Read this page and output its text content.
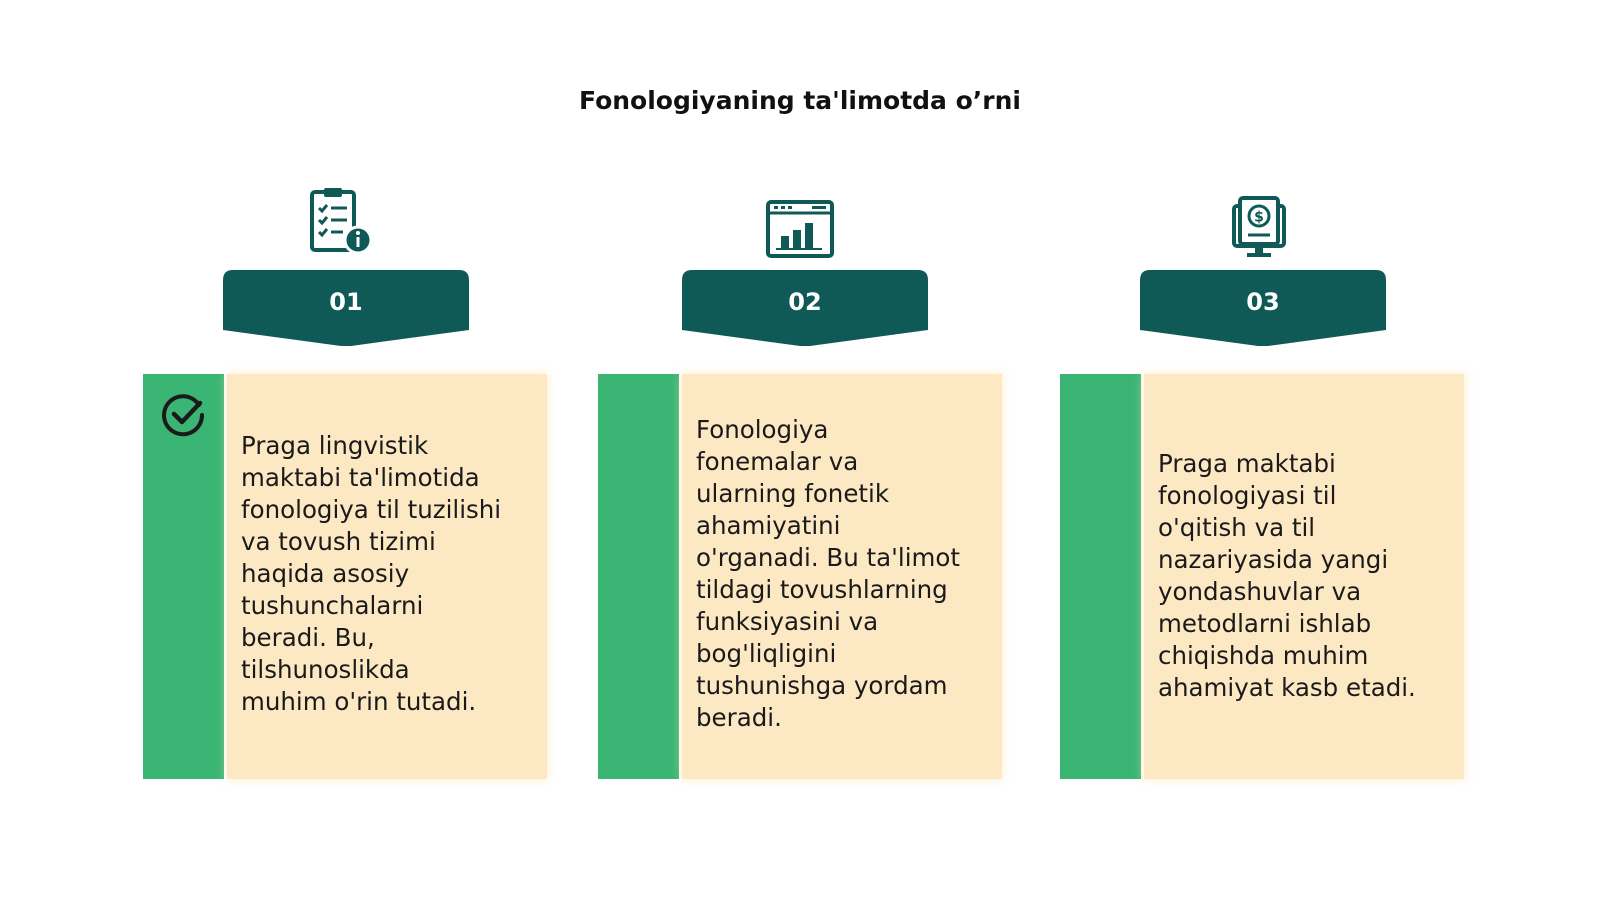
Fonologiyaning ta'limotda o’rni
$
01	02	03
Praga lingvistik
maktabi ta'limotida
fonologiya til tuzilishi
va tovush tizimi
haqida asosiy
tushunchalarni
beradi. Bu,
tilshunoslikda
muhim o'rin tutadi.
Fonologiya
fonemalar va
ularning fonetik
ahamiyatini
o'rganadi. Bu ta'limot
tildagi tovushlarning
funksiyasini va
bog'liqligini
tushunishga yordam
beradi.
Praga maktabi
fonologiyasi til
o'qitish va til
nazariyasida yangi
yondashuvlar va
metodlarni ishlab
chiqishda muhim
ahamiyat kasb etadi.
